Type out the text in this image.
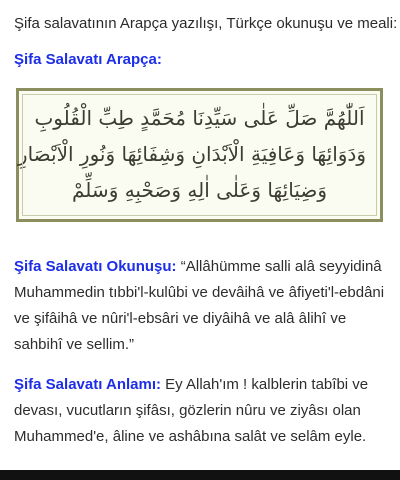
Şifa salavatının Arapça yazılışı, Türkçe okunuşu ve meali:
Şifa Salavatı Arapça:
اَللّٰهُمَّ صَلِّ عَلٰى سَيِّدِنَا مُحَمَّدٍ طِبِّ الْقُلُوبِ
وَدَوَائِهَا وَعَافِيَةِ الْاَبْدَانِ وَشِفَائِهَا وَنُورِ الْاَبْصَارِ
وَضِيَائِهَا وَعَلٰى اٰلِهِ وَصَحْبِهِ وَسَلِّمْ
Şifa Salavatı Okunuşu: “Allâhümme salli alâ seyyidinâ Muhammedin tıbbi'l-kulûbi ve devâihâ ve âfiyeti'l-ebdâni ve şifâihâ ve nûri'l-ebsâri ve diyâihâ ve alâ âlihî ve sahbihî ve sellim.”
Şifa Salavatı Anlamı: Ey Allah'ım ! kalblerin tabîbi ve devası, vucutların şifâsı, gözlerin nûru ve ziyâsı olan Muhammed'e, âline ve ashâbına salât ve selâm eyle.
